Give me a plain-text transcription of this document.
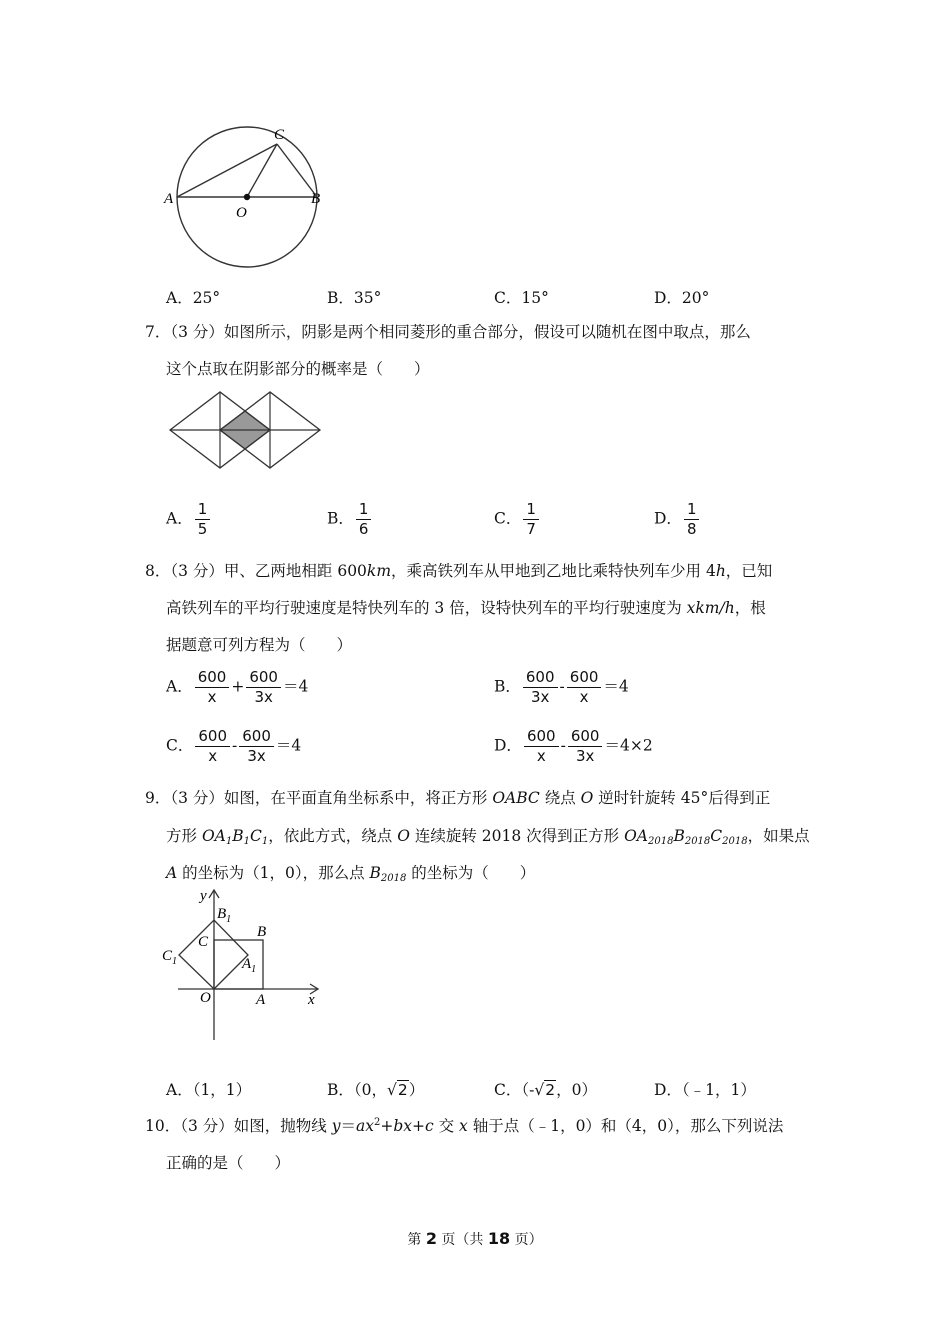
A	B
C
O
A．25°	B．35°	C．15°	D．20°
7．（3 分）如图所示，阴影是两个相同菱形的重合部分，假设可以随机在图中取点，那么
这个点取在阴影部分的概率是（　　）
A． $\frac{1}{5}$	B． $\frac{1}{6}$	C． $\frac{1}{7}$	D． $\frac{1}{8}$
8．（3 分）甲、乙两地相距 600km，乘高铁列车从甲地到乙地比乘特快列车少用 4h，已知
高铁列车的平均行驶速度是特快列车的 3 倍，设特快列车的平均行驶速度为 xkm/h，根
据题意可列方程为（　　）
A． $\frac{600}{x} + \frac{600}{3x} =4$	B． $\frac{600}{3x} - \frac{600}{x} =4$
C． $\frac{600}{x} - \frac{600}{3x} =4$	D． $\frac{600}{x} - \frac{600}{3x} =4\times 2$
9．（3 分）如图，在平面直角坐标系中，将正方形 OABC 绕点 O 逆时针旋转 45°后得到正
方形 $OA_1B_1C_1$，依此方式，绕点 O 连续旋转 2018 次得到正方形 $OA_{2018}B_{2018}C_{2018}$，如果点
A 的坐标为（1，0），那么点 $B_{2018}$ 的坐标为（　　）
y
x
O	A
B
C
$B_1$
$C_1$	$A_1$
A．（1，1）	B．（0，√2）	C．（-√2，0）	D．（﹣1，1）
10．（3 分）如图，抛物线 $y=ax^2+bx+c$ 交 x 轴于点（﹣1，0）和（4，0），那么下列说法
正确的是（　　）
第 2 页（共 18 页）
